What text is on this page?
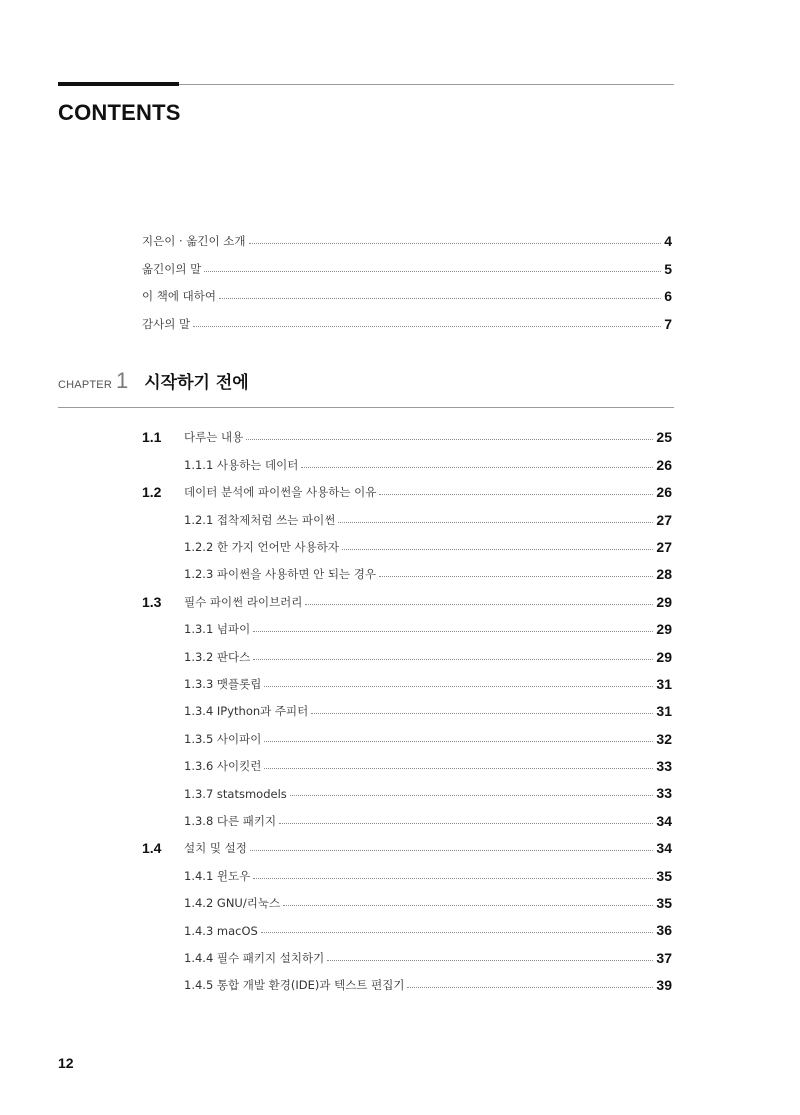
CONTENTS
지은이 · 옮긴이 소개	4
옮긴이의 말	5
이 책에 대하여	6
감사의 말	7
CHAPTER 1 시작하기 전에
1.1	다루는 내용	25
1.1.1 사용하는 데이터	26
1.2	데이터 분석에 파이썬을 사용하는 이유	26
1.2.1 접착제처럼 쓰는 파이썬	27
1.2.2 한 가지 언어만 사용하자	27
1.2.3 파이썬을 사용하면 안 되는 경우	28
1.3	필수 파이썬 라이브러리	29
1.3.1 넘파이	29
1.3.2 판다스	29
1.3.3 맷플롯립	31
1.3.4 IPython과 주피터	31
1.3.5 사이파이	32
1.3.6 사이킷런	33
1.3.7 statsmodels	33
1.3.8 다른 패키지	34
1.4	설치 및 설정	34
1.4.1 윈도우	35
1.4.2 GNU/리눅스	35
1.4.3 macOS	36
1.4.4 필수 패키지 설치하기	37
1.4.5 통합 개발 환경(IDE)과 텍스트 편집기	39
12
